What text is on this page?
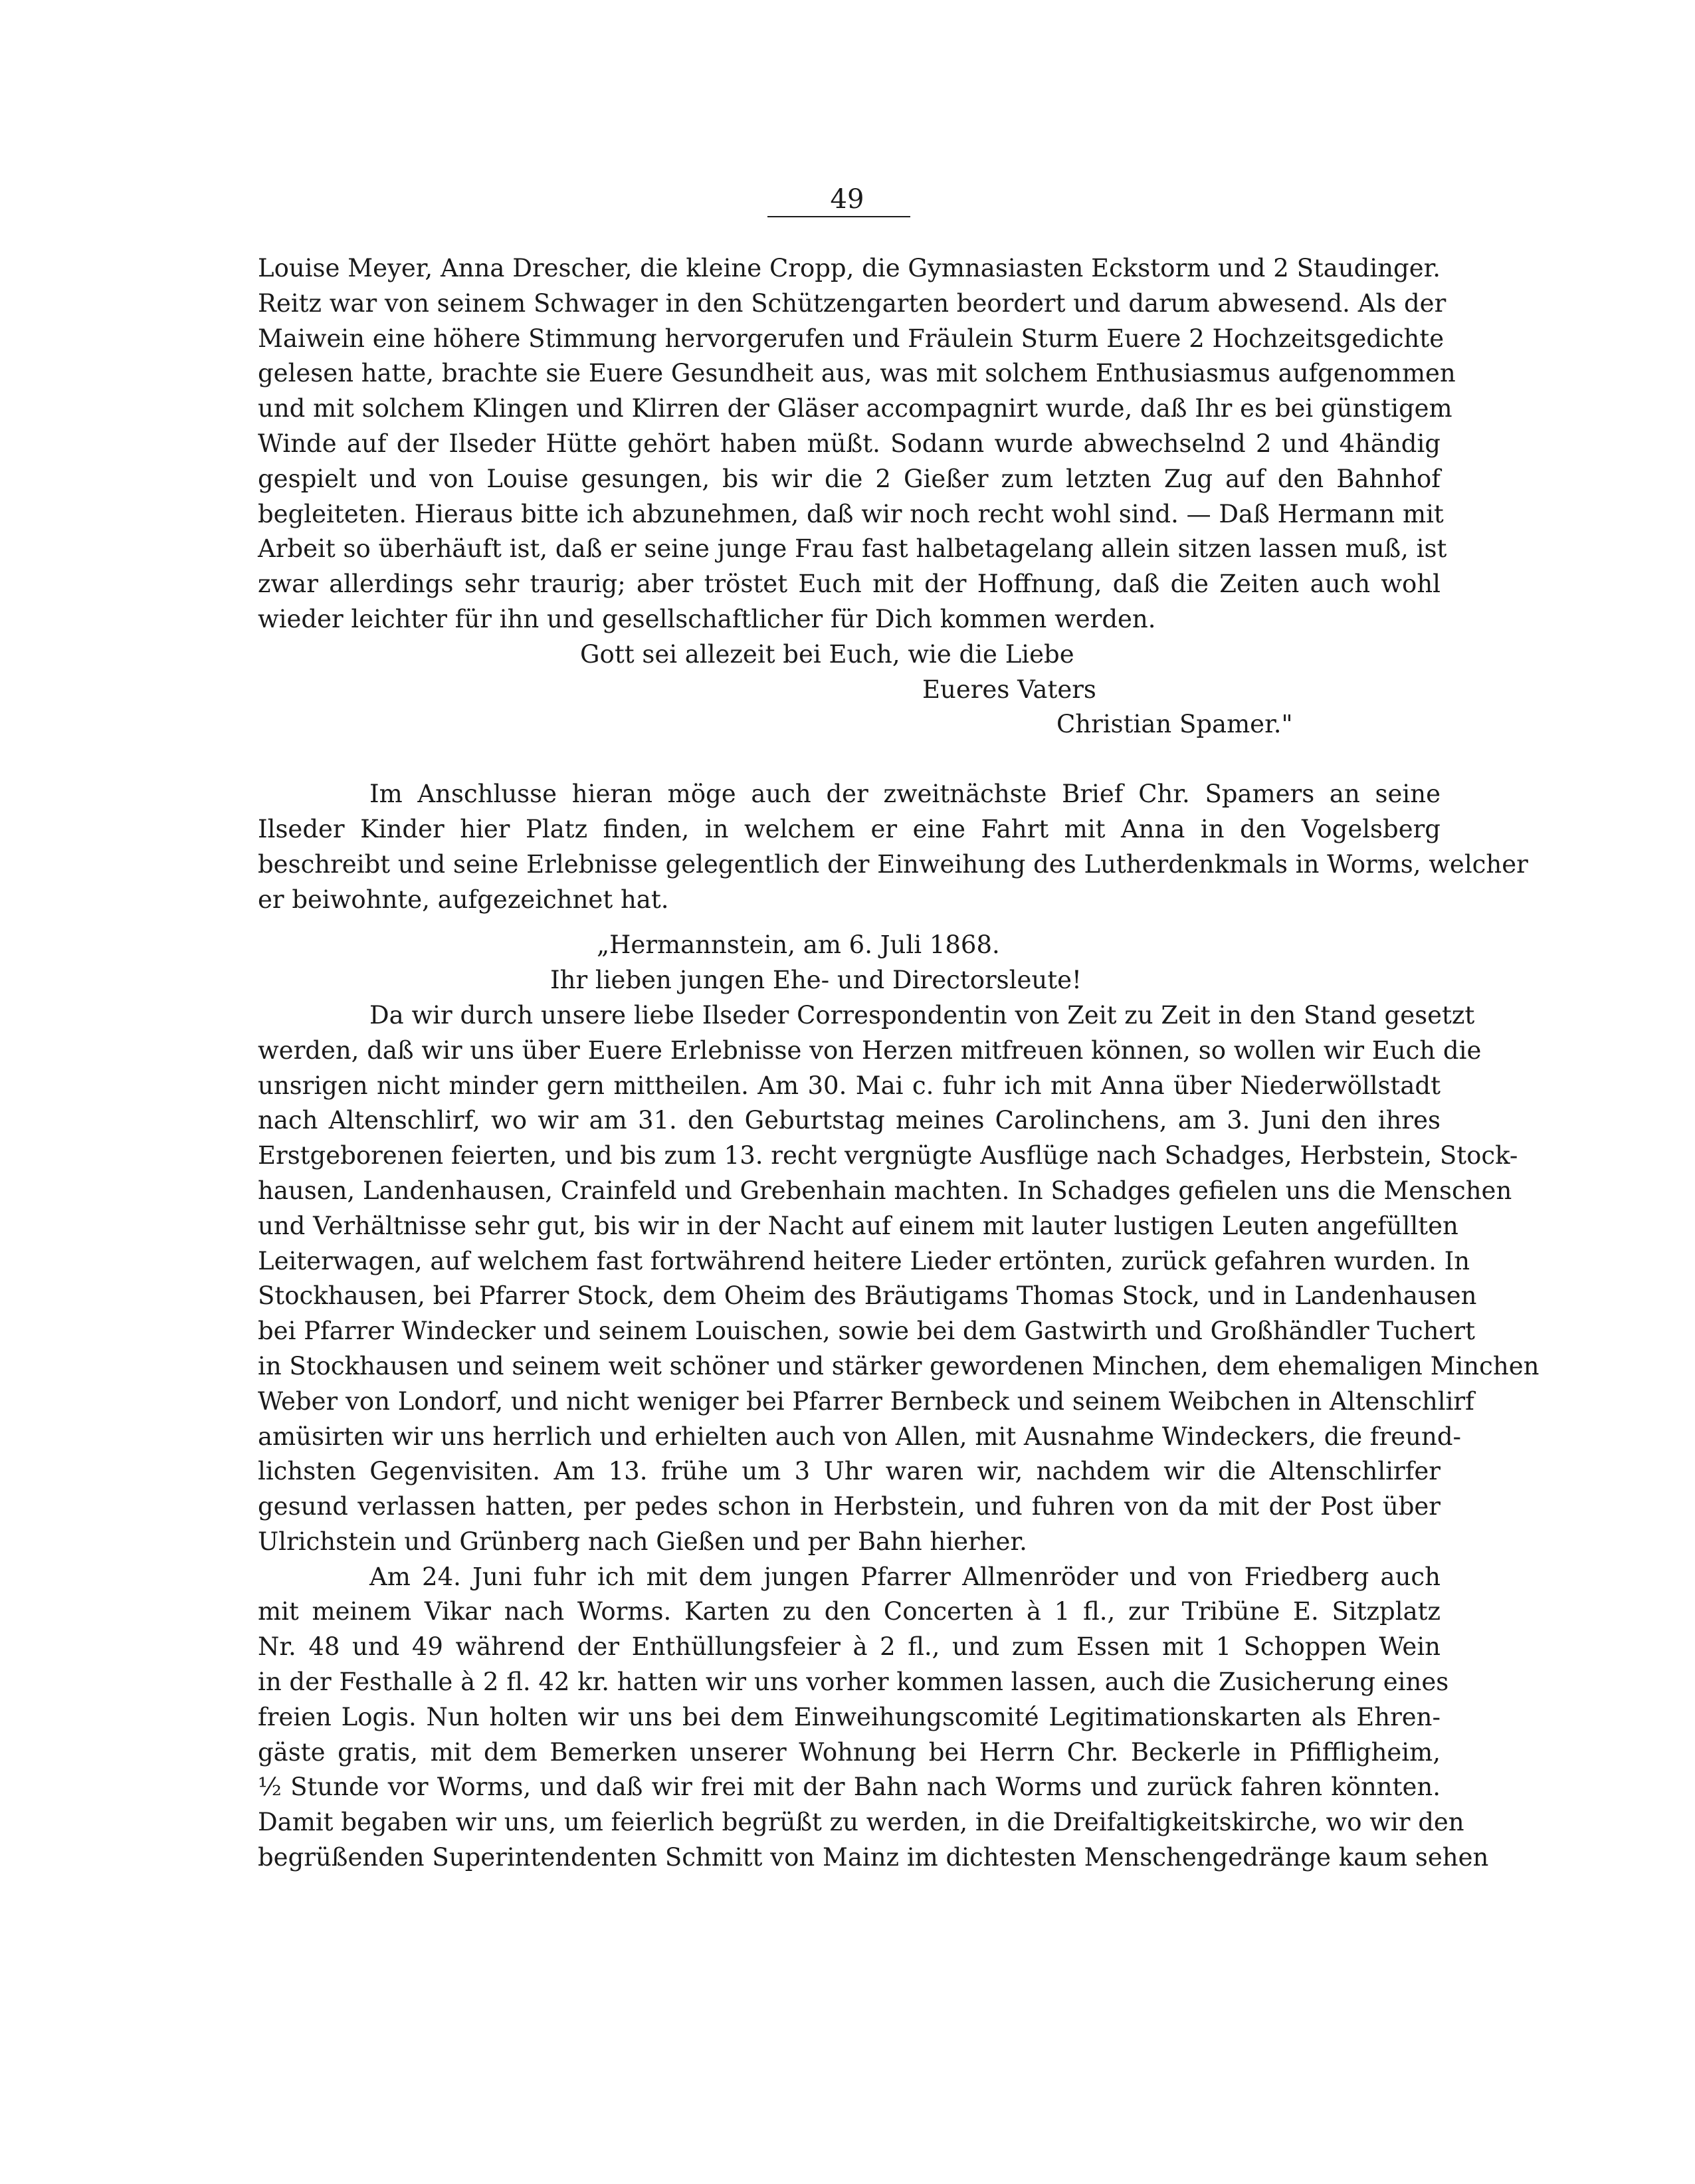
49
Louise Meyer, Anna Drescher, die kleine Cropp, die Gymnasiasten Eckstorm und 2 Staudinger.
Reitz war von seinem Schwager in den Schützengarten beordert und darum abwesend. Als der
Maiwein eine höhere Stimmung hervorgerufen und Fräulein Sturm Euere 2 Hochzeitsgedichte
gelesen hatte, brachte sie Euere Gesundheit aus, was mit solchem Enthusiasmus aufgenommen
und mit solchem Klingen und Klirren der Gläser accompagnirt wurde, daß Ihr es bei günstigem
Winde auf der Ilseder Hütte gehört haben müßt. Sodann wurde abwechselnd 2 und 4händig
gespielt und von Louise gesungen, bis wir die 2 Gießer zum letzten Zug auf den Bahnhof
begleiteten. Hieraus bitte ich abzunehmen, daß wir noch recht wohl sind. — Daß Hermann mit
Arbeit so überhäuft ist, daß er seine junge Frau fast halbetagelang allein sitzen lassen muß, ist
zwar allerdings sehr traurig; aber tröstet Euch mit der Hoffnung, daß die Zeiten auch wohl
wieder leichter für ihn und gesellschaftlicher für Dich kommen werden.
Gott sei allezeit bei Euch, wie die Liebe
Eueres Vaters
Christian Spamer."
Im Anschlusse hieran möge auch der zweitnächste Brief Chr. Spamers an seine
Ilseder Kinder hier Platz finden, in welchem er eine Fahrt mit Anna in den Vogelsberg
beschreibt und seine Erlebnisse gelegentlich der Einweihung des Lutherdenkmals in Worms, welcher
er beiwohnte, aufgezeichnet hat.
„Hermannstein, am 6. Juli 1868.
Ihr lieben jungen Ehe- und Directorsleute!
Da wir durch unsere liebe Ilseder Correspondentin von Zeit zu Zeit in den Stand gesetzt
werden, daß wir uns über Euere Erlebnisse von Herzen mitfreuen können, so wollen wir Euch die
unsrigen nicht minder gern mittheilen. Am 30. Mai c. fuhr ich mit Anna über Niederwöllstadt
nach Altenschlirf, wo wir am 31. den Geburtstag meines Carolinchens, am 3. Juni den ihres
Erstgeborenen feierten, und bis zum 13. recht vergnügte Ausflüge nach Schadges, Herbstein, Stock-
hausen, Landenhausen, Crainfeld und Grebenhain machten. In Schadges gefielen uns die Menschen
und Verhältnisse sehr gut, bis wir in der Nacht auf einem mit lauter lustigen Leuten angefüllten
Leiterwagen, auf welchem fast fortwährend heitere Lieder ertönten, zurück gefahren wurden. In
Stockhausen, bei Pfarrer Stock, dem Oheim des Bräutigams Thomas Stock, und in Landenhausen
bei Pfarrer Windecker und seinem Louischen, sowie bei dem Gastwirth und Großhändler Tuchert
in Stockhausen und seinem weit schöner und stärker gewordenen Minchen, dem ehemaligen Minchen
Weber von Londorf, und nicht weniger bei Pfarrer Bernbeck und seinem Weibchen in Altenschlirf
amüsirten wir uns herrlich und erhielten auch von Allen, mit Ausnahme Windeckers, die freund-
lichsten Gegenvisiten. Am 13. frühe um 3 Uhr waren wir, nachdem wir die Altenschlirfer
gesund verlassen hatten, per pedes schon in Herbstein, und fuhren von da mit der Post über
Ulrichstein und Grünberg nach Gießen und per Bahn hierher.
Am 24. Juni fuhr ich mit dem jungen Pfarrer Allmenröder und von Friedberg auch
mit meinem Vikar nach Worms. Karten zu den Concerten à 1 fl., zur Tribüne E. Sitzplatz
Nr. 48 und 49 während der Enthüllungsfeier à 2 fl., und zum Essen mit 1 Schoppen Wein
in der Festhalle à 2 fl. 42 kr. hatten wir uns vorher kommen lassen, auch die Zusicherung eines
freien Logis. Nun holten wir uns bei dem Einweihungscomité Legitimationskarten als Ehren-
gäste gratis, mit dem Bemerken unserer Wohnung bei Herrn Chr. Beckerle in Pfiffligheim,
½ Stunde vor Worms, und daß wir frei mit der Bahn nach Worms und zurück fahren könnten.
Damit begaben wir uns, um feierlich begrüßt zu werden, in die Dreifaltigkeitskirche, wo wir den
begrüßenden Superintendenten Schmitt von Mainz im dichtesten Menschengedränge kaum sehen
